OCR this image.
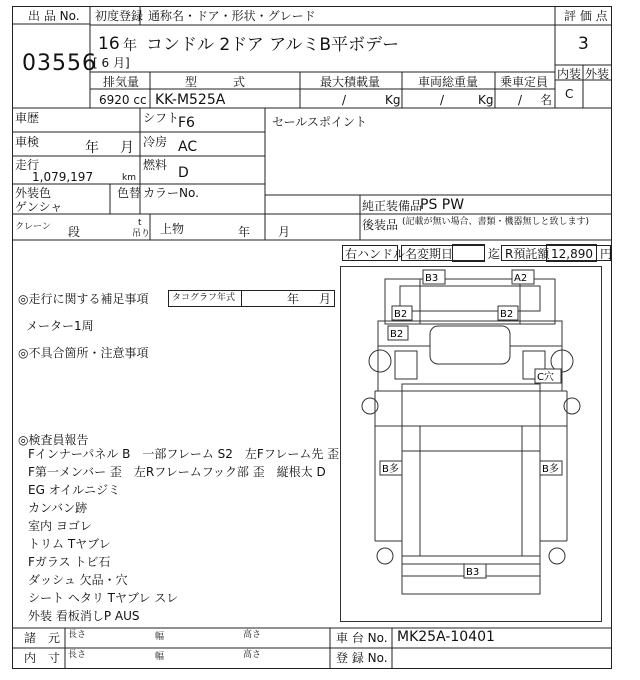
出 品 No.
03556
初度登録 通称名・ドア・形状・グレード
16 年
[ 6 月]
コンドル 2ドア アルミB平ボデー
評 価 点
3
内装 外装
C
排気量	型　　　式	最大積載量	車両総重量 乗車定員
6920 cc KK-M525A	/	Kg	/	Kg / 名
車歴	シフト
F6
車検	年 月 冷房 AC
走行
1,079,197	km
燃料 D
外装色
ゲンシャ
色替 カラーNo.
セールスポイント
純正装備品
PS PW
後装品 (記載が無い場合、書類・機器無しと致します)
クレーン 段
t
吊り 上物	年 月
右ハンドル 名変期日	迄 R預託額 12,890 円
◎走行に関する補足事項	タコグラフ年式	年 月
メーター1周
◎不具合箇所・注意事項
◎検査員報告
Fインナーパネル B　一部フレーム S2　左Fフレーム先 歪
F第一メンバー 歪　左Rフレームフック部 歪　縦根太 D
EG オイルニジミ
カンバン跡
室内 ヨゴレ
トリム Tヤブレ
Fガラス トビ石
ダッシュ 欠品・穴
シート ヘタリ Tヤブレ スレ
外装 看板消しP AUS
B3	A2
B2	B2
B2
C穴
B多	B多
B3
諸　元
内　寸
長さ	幅	高さ
長さ	幅	高さ
車 台 No. MK25A-10401
登 録 No.
